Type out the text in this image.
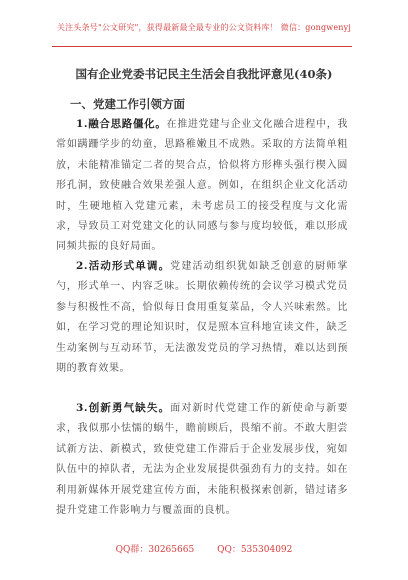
关注头条号"公文研究"，获得最新最全最专业的公文资料库！ 微信：gongwenyj
国有企业党委书记民主生活会自我批评意见(40条)
一、党建工作引领方面
1.融合思路僵化。在推进党建与企业文化融合进程中，我常如蹒跚学步的幼童，思路稚嫩且不成熟。采取的方法简单粗放，未能精准锚定二者的契合点，恰似将方形榫头强行楔入圆形孔洞，致使融合效果差强人意。例如，在组织企业文化活动时，生硬地植入党建元素，未考虑员工的接受程度与文化需求，导致员工对党建文化的认同感与参与度均较低，难以形成同频共振的良好局面。
2.活动形式单调。党建活动组织犹如缺乏创意的厨师掌勺，形式单一、内容乏味。长期依赖传统的会议学习模式党员参与积极性不高，恰似每日食用重复菜品，令人兴味索然。比如，在学习党的理论知识时，仅是照本宣科地宣读文件，缺乏生动案例与互动环节，无法激发党员的学习热情，难以达到预期的教育效果。
3.创新勇气缺失。面对新时代党建工作的新使命与新要求，我似那小怯懦的蜗牛，瞻前顾后，畏缩不前。不敢大胆尝试新方法、新模式，致使党建工作滞后于企业发展步伐，宛如队伍中的掉队者，无法为企业发展提供强劲有力的支持。如在利用新媒体开展党建宣传方面，未能积极探索创新，错过诸多提升党建工作影响力与覆盖面的良机。
QQ群：30265665	QQ：535304092
